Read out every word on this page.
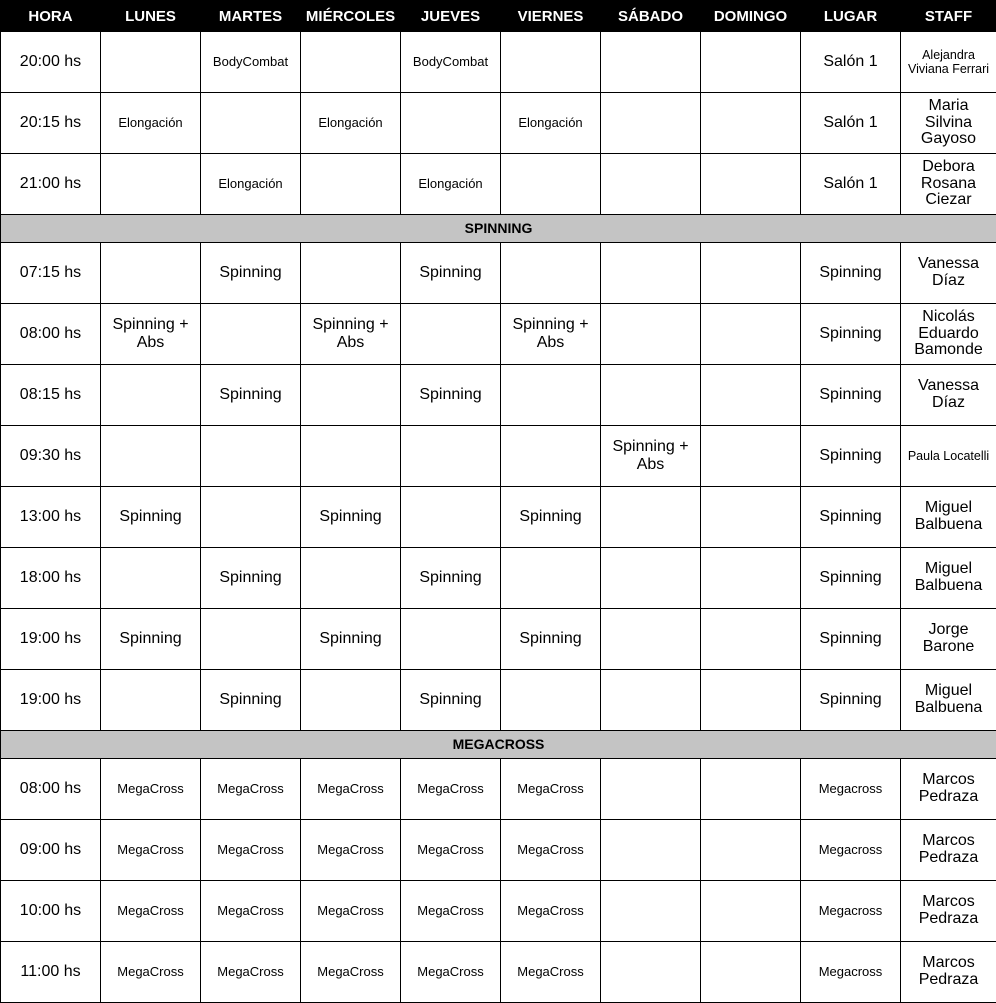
HORA	LUNES	MARTES	MIÉRCOLES	JUEVES	VIERNES	SÁBADO	DOMINGO	LUGAR	STAFF
20:00 hs		BodyCombat		BodyCombat				Salón 1	Alejandra Viviana Ferrari
20:15 hs	Elongación		Elongación		Elongación			Salón 1	Maria Silvina Gayoso
21:00 hs		Elongación		Elongación				Salón 1	Debora Rosana Ciezar
SPINNING									
07:15 hs		Spinning		Spinning				Spinning	Vanessa Díaz
08:00 hs	Spinning + Abs		Spinning + Abs		Spinning + Abs			Spinning	Nicolás Eduardo Bamonde
08:15 hs		Spinning		Spinning				Spinning	Vanessa Díaz
09:30 hs						Spinning + Abs		Spinning	Paula Locatelli
13:00 hs	Spinning		Spinning		Spinning			Spinning	Miguel Balbuena
18:00 hs		Spinning		Spinning				Spinning	Miguel Balbuena
19:00 hs	Spinning		Spinning		Spinning			Spinning	Jorge Barone
19:00 hs		Spinning		Spinning				Spinning	Miguel Balbuena
MEGACROSS									
08:00 hs	MegaCross	MegaCross	MegaCross	MegaCross	MegaCross			Megacross	Marcos Pedraza
09:00 hs	MegaCross	MegaCross	MegaCross	MegaCross	MegaCross			Megacross	Marcos Pedraza
10:00 hs	MegaCross	MegaCross	MegaCross	MegaCross	MegaCross			Megacross	Marcos Pedraza
11:00 hs	MegaCross	MegaCross	MegaCross	MegaCross	MegaCross			Megacross	Marcos Pedraza
